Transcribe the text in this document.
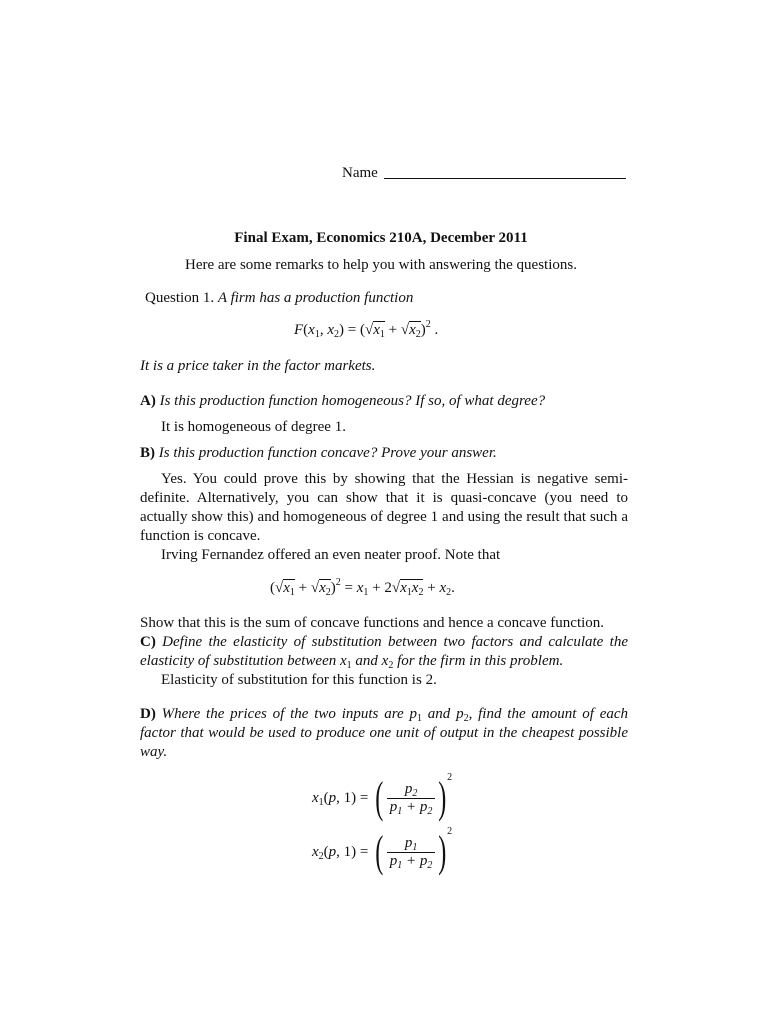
Name
Final Exam, Economics 210A, December 2011
Here are some remarks to help you with answering the questions.
Question 1. A firm has a production function
$F(x_1$, $x_2) = (√x_1 + √x_2)^2$ .
It is a price taker in the factor markets.
A) Is this production function homogeneous? If so, of what degree?
It is homogeneous of degree 1.
B) Is this production function concave? Prove your answer.
Yes. You could prove this by showing that the Hessian is negative semi-definite. Alternatively, you can show that it is quasi-concave (you need to actually show this) and homogeneous of degree 1 and using the result that such a function is concave.
Irving Fernandez offered an even neater proof. Note that
$(√x_1 + √x_2)^2 = x_1 + 2√x_1x_2 + x_2$.
Show that this is the sum of concave functions and hence a concave function.
C) Define the elasticity of substitution between two factors and calculate the elasticity of substitution between $x_1$ and $x_2$ for the firm in this problem.
Elasticity of substitution for this function is 2.
D) Where the prices of the two inputs are $p_1$ and $p_2$, find the amount of each factor that would be used to produce one unit of output in the cheapest possible way.
$x_1(p$, 1) = ( $\frac{p_2}{p_1 + p_2}$ ) 2
$x_2(p$, 1) = ( $\frac{p_1}{p_1 + p_2}$ ) 2
